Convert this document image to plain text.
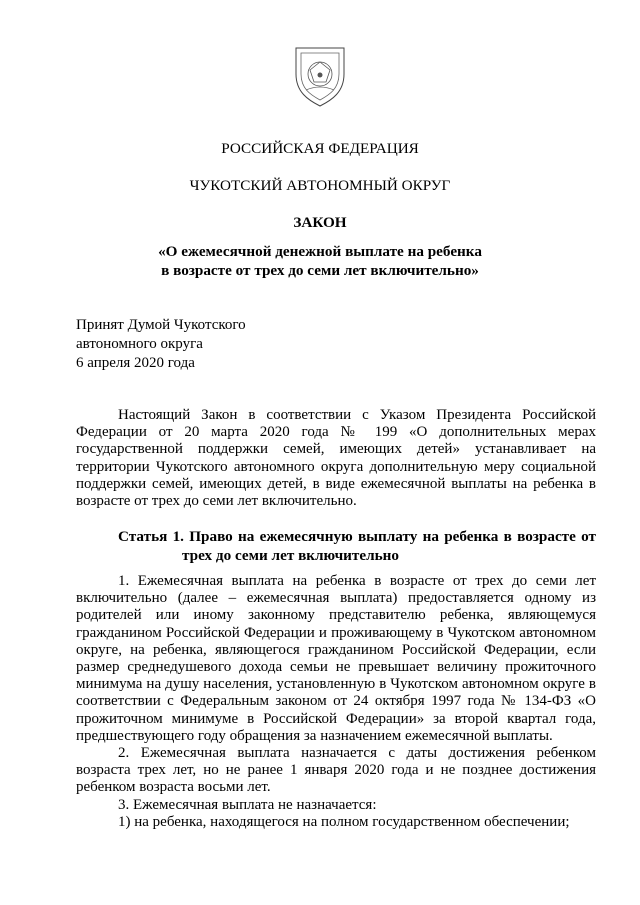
РОССИЙСКАЯ ФЕДЕРАЦИЯ
ЧУКОТСКИЙ АВТОНОМНЫЙ ОКРУГ
ЗАКОН
«О ежемесячной денежной выплате на ребенка
в возрасте от трех до семи лет включительно»
Принят Думой Чукотского
автономного округа
6 апреля 2020 года

Настоящий Закон в соответствии с Указом Президента Российской Федерации от 20 марта 2020 года № 199 «О дополнительных мерах государственной поддержки семей, имеющих детей» устанавливает на территории Чукотского автономного округа дополнительную меру социальной поддержки семей, имеющих детей, в виде ежемесячной выплаты на ребенка в возрасте от трех до семи лет включительно.

Статья 1. Право на ежемесячную выплату на ребенка в возрасте от
трех до семи лет включительно

1. Ежемесячная выплата на ребенка в возрасте от трех до семи лет включительно (далее – ежемесячная выплата) предоставляется одному из родителей или иному законному представителю ребенка, являющемуся гражданином Российской Федерации и проживающему в Чукотском автономном округе, на ребенка, являющегося гражданином Российской Федерации, если размер среднедушевого дохода семьи не превышает величину прожиточного минимума на душу населения, установленную в Чукотском автономном округе в соответствии с Федеральным законом от 24 октября 1997 года № 134-ФЗ «О прожиточном минимуме в Российской Федерации» за второй квартал года, предшествующего году обращения за назначением ежемесячной выплаты.

2. Ежемесячная выплата назначается с даты достижения ребенком возраста трех лет, но не ранее 1 января 2020 года и не позднее достижения ребенком возраста восьми лет.

3. Ежемесячная выплата не назначается:

1) на ребенка, находящегося на полном государственном обеспечении;
